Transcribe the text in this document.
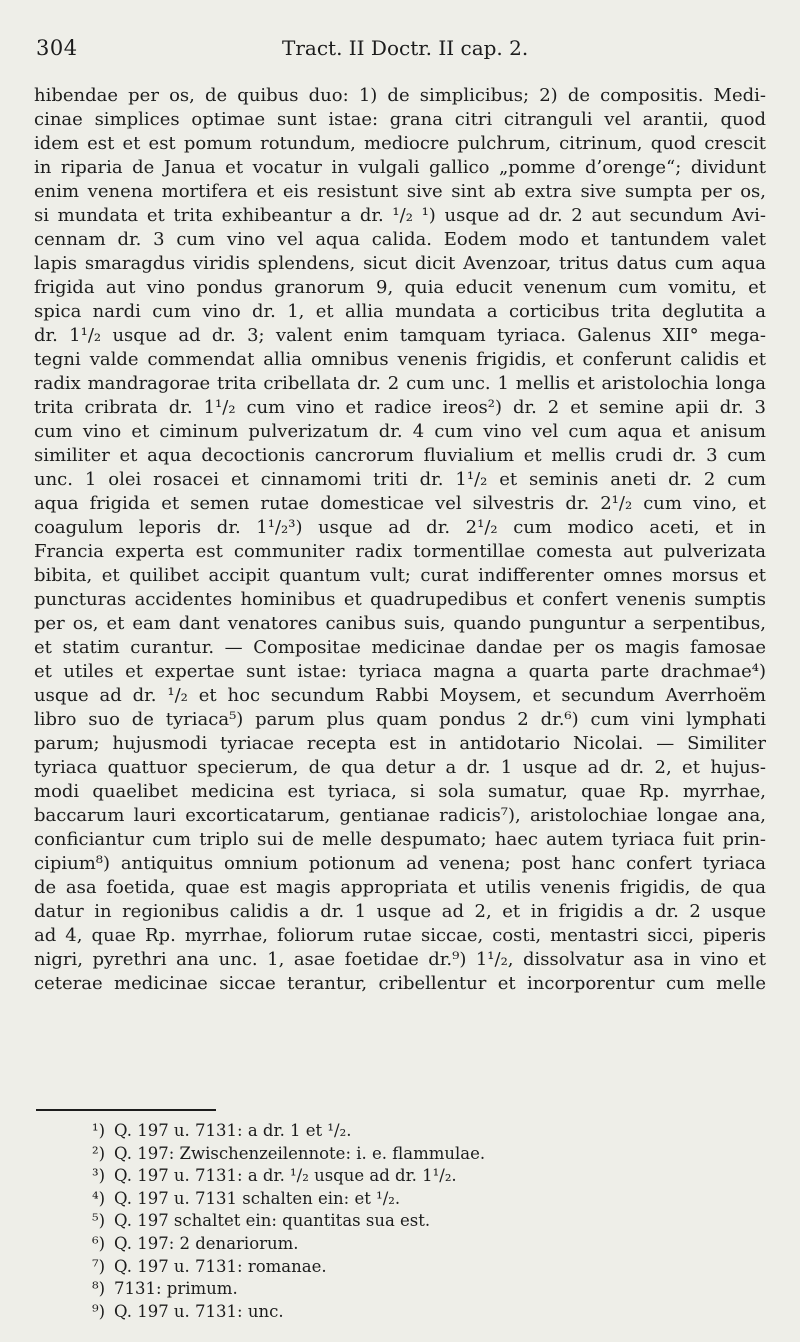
304	Tract. II Doctr. II cap. 2.
hibendae per os, de quibus duo: 1) de simplicibus; 2) de compositis. Medi-
cinae simplices optimae sunt istae: grana citri citranguli vel arantii, quod
idem est et est pomum rotundum, mediocre pulchrum, citrinum, quod crescit
in riparia de Janua et vocatur in vulgali gallico „pomme d’orenge“; dividunt
enim venena mortifera et eis resistunt sive sint ab extra sive sumpta per os,
si mundata et trita exhibeantur a dr. ¹/₂ ¹) usque ad dr. 2 aut secundum Avi-
cennam dr. 3 cum vino vel aqua calida. Eodem modo et tantundem valet
lapis smaragdus viridis splendens, sicut dicit Avenzoar, tritus datus cum aqua
frigida aut vino pondus granorum 9, quia educit venenum cum vomitu, et
spica nardi cum vino dr. 1, et allia mundata a corticibus trita deglutita a
dr. 1¹/₂ usque ad dr. 3; valent enim tamquam tyriaca. Galenus XII° mega-
tegni valde commendat allia omnibus venenis frigidis, et conferunt calidis et
radix mandragorae trita cribellata dr. 2 cum unc. 1 mellis et aristolochia longa
trita cribrata dr. 1¹/₂ cum vino et radice ireos²) dr. 2 et semine apii dr. 3
cum vino et ciminum pulverizatum dr. 4 cum vino vel cum aqua et anisum
similiter et aqua decoctionis cancrorum fluvialium et mellis crudi dr. 3 cum
unc. 1 olei rosacei et cinnamomi triti dr. 1¹/₂ et seminis aneti dr. 2 cum
aqua frigida et semen rutae domesticae vel silvestris dr. 2¹/₂ cum vino, et
coagulum leporis dr. 1¹/₂³) usque ad dr. 2¹/₂ cum modico aceti, et in
Francia experta est communiter radix tormentillae comesta aut pulverizata
bibita, et quilibet accipit quantum vult; curat indifferenter omnes morsus et
puncturas accidentes hominibus et quadrupedibus et confert venenis sumptis
per os, et eam dant venatores canibus suis, quando punguntur a serpentibus,
et statim curantur. — Compositae medicinae dandae per os magis famosae
et utiles et expertae sunt istae: tyriaca magna a quarta parte drachmae⁴)
usque ad dr. ¹/₂ et hoc secundum Rabbi Moysem, et secundum Averrhoëm
libro suo de tyriaca⁵) parum plus quam pondus 2 dr.⁶) cum vini lymphati
parum; hujusmodi tyriacae recepta est in antidotario Nicolai. — Similiter
tyriaca quattuor specierum, de qua detur a dr. 1 usque ad dr. 2, et hujus-
modi quaelibet medicina est tyriaca, si sola sumatur, quae Rp. myrrhae,
baccarum lauri excorticatarum, gentianae radicis⁷), aristolochiae longae ana,
conficiantur cum triplo sui de melle despumato; haec autem tyriaca fuit prin-
cipium⁸) antiquitus omnium potionum ad venena; post hanc confert tyriaca
de asa foetida, quae est magis appropriata et utilis venenis frigidis, de qua
datur in regionibus calidis a dr. 1 usque ad 2, et in frigidis a dr. 2 usque
ad 4, quae Rp. myrrhae, foliorum rutae siccae, costi, mentastri sicci, piperis
nigri, pyrethri ana unc. 1, asae foetidae dr.⁹) 1¹/₂, dissolvatur asa in vino et
ceterae medicinae siccae terantur, cribellentur et incorporentur cum melle
¹) Q. 197 u. 7131: a dr. 1 et ¹/₂.
²) Q. 197: Zwischenzeilennote: i. e. flammulae.
³) Q. 197 u. 7131: a dr. ¹/₂ usque ad dr. 1¹/₂.
⁴) Q. 197 u. 7131 schalten ein: et ¹/₂.
⁵) Q. 197 schaltet ein: quantitas sua est.
⁶) Q. 197: 2 denariorum.
⁷) Q. 197 u. 7131: romanae.
⁸) 7131: primum.
⁹) Q. 197 u. 7131: unc.
